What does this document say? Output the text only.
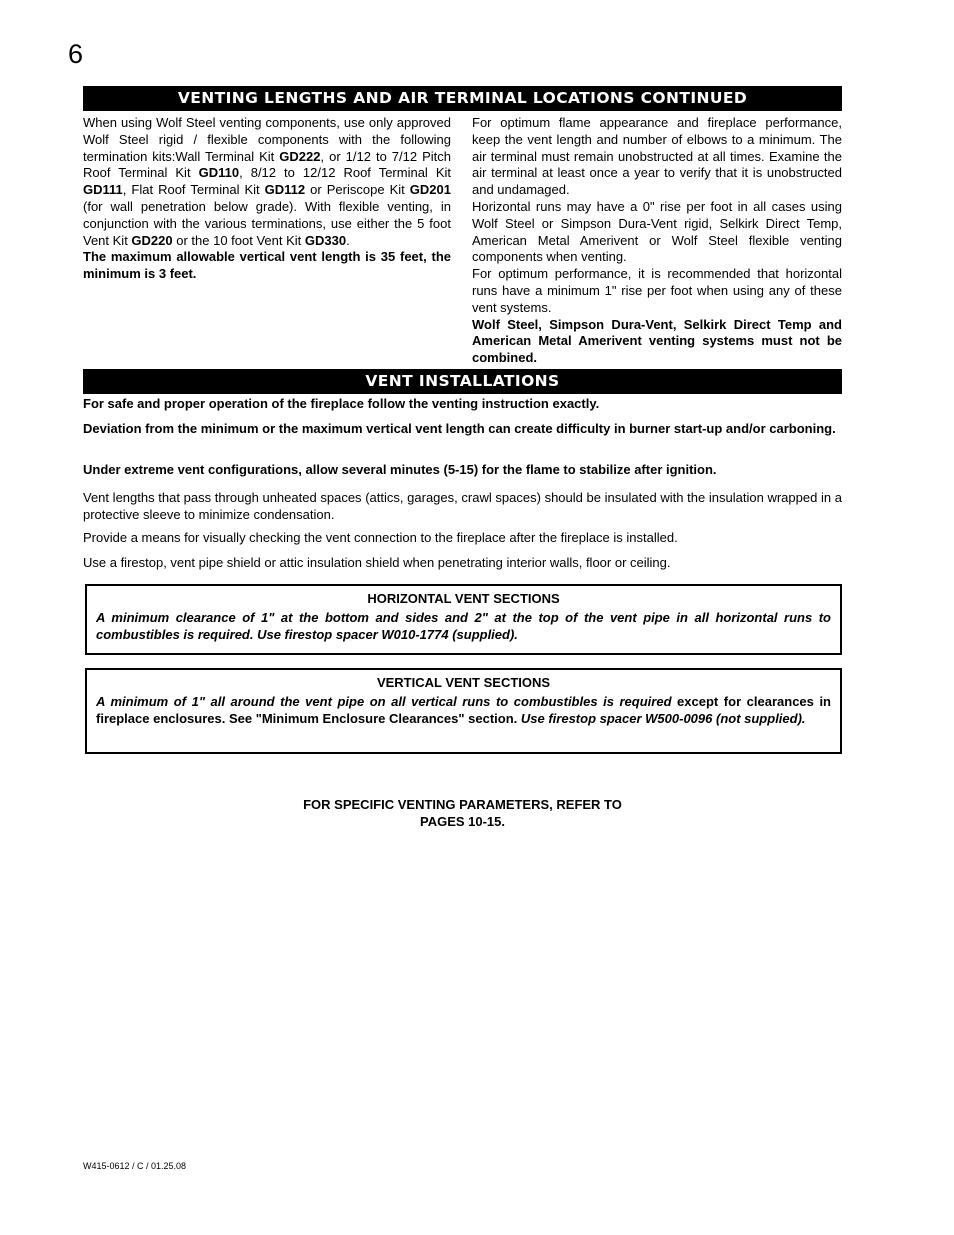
6
VENTING LENGTHS AND AIR TERMINAL LOCATIONS CONTINUED

When using Wolf Steel venting components, use only approved Wolf Steel rigid / flexible components with the following termination kits:Wall Terminal Kit GD222, or 1/12 to 7/12 Pitch Roof Terminal Kit GD110, 8/12 to 12/12 Roof Terminal Kit GD111, Flat Roof Terminal Kit GD112 or Periscope Kit GD201 (for wall penetration below grade). With flexible venting, in conjunction with the various terminations, use either the 5 foot Vent Kit GD220 or the 10 foot Vent Kit GD330.

The maximum allowable vertical vent length is 35 feet, the minimum is 3 feet.

For optimum flame appearance and fireplace performance, keep the vent length and number of elbows to a minimum. The air terminal must remain unobstructed at all times. Examine the air terminal at least once a year to verify that it is unobstructed and undamaged.

Horizontal runs may have a 0" rise per foot in all cases using Wolf Steel or Simpson Dura-Vent rigid, Selkirk Direct Temp, American Metal Amerivent or Wolf Steel flexible venting components when venting.

For optimum performance, it is recommended that horizontal runs have a minimum 1" rise per foot when using any of these vent systems.

Wolf Steel, Simpson Dura-Vent, Selkirk Direct Temp and American Metal Amerivent venting systems must not be combined.

VENT INSTALLATIONS
For safe and proper operation of the fireplace follow the venting instruction exactly.
Deviation from the minimum or the maximum vertical vent length can create difficulty in burner start-up and/or carboning.
Under extreme vent configurations, allow several minutes (5-15) for the flame to stabilize after ignition.
Vent lengths that pass through unheated spaces (attics, garages, crawl spaces) should be insulated with the insulation wrapped in a protective sleeve to minimize condensation.
Provide a means for visually checking the vent connection to the fireplace after the fireplace is installed.
Use a firestop, vent pipe shield or attic insulation shield when penetrating interior walls, floor or ceiling.

HORIZONTAL VENT SECTIONS

A minimum clearance of 1" at the bottom and sides and 2" at the top of the vent pipe in all horizontal runs to combustibles is required. Use firestop spacer W010-1774 (supplied).

VERTICAL VENT SECTIONS

A minimum of 1" all around the vent pipe on all vertical runs to combustibles is required except for clearances in fireplace enclosures. See "Minimum Enclosure Clearances" section. Use firestop spacer W500-0096 (not supplied).

FOR SPECIFIC VENTING PARAMETERS, REFER TO
PAGES 10-15.
W415-0612 / C / 01.25.08
